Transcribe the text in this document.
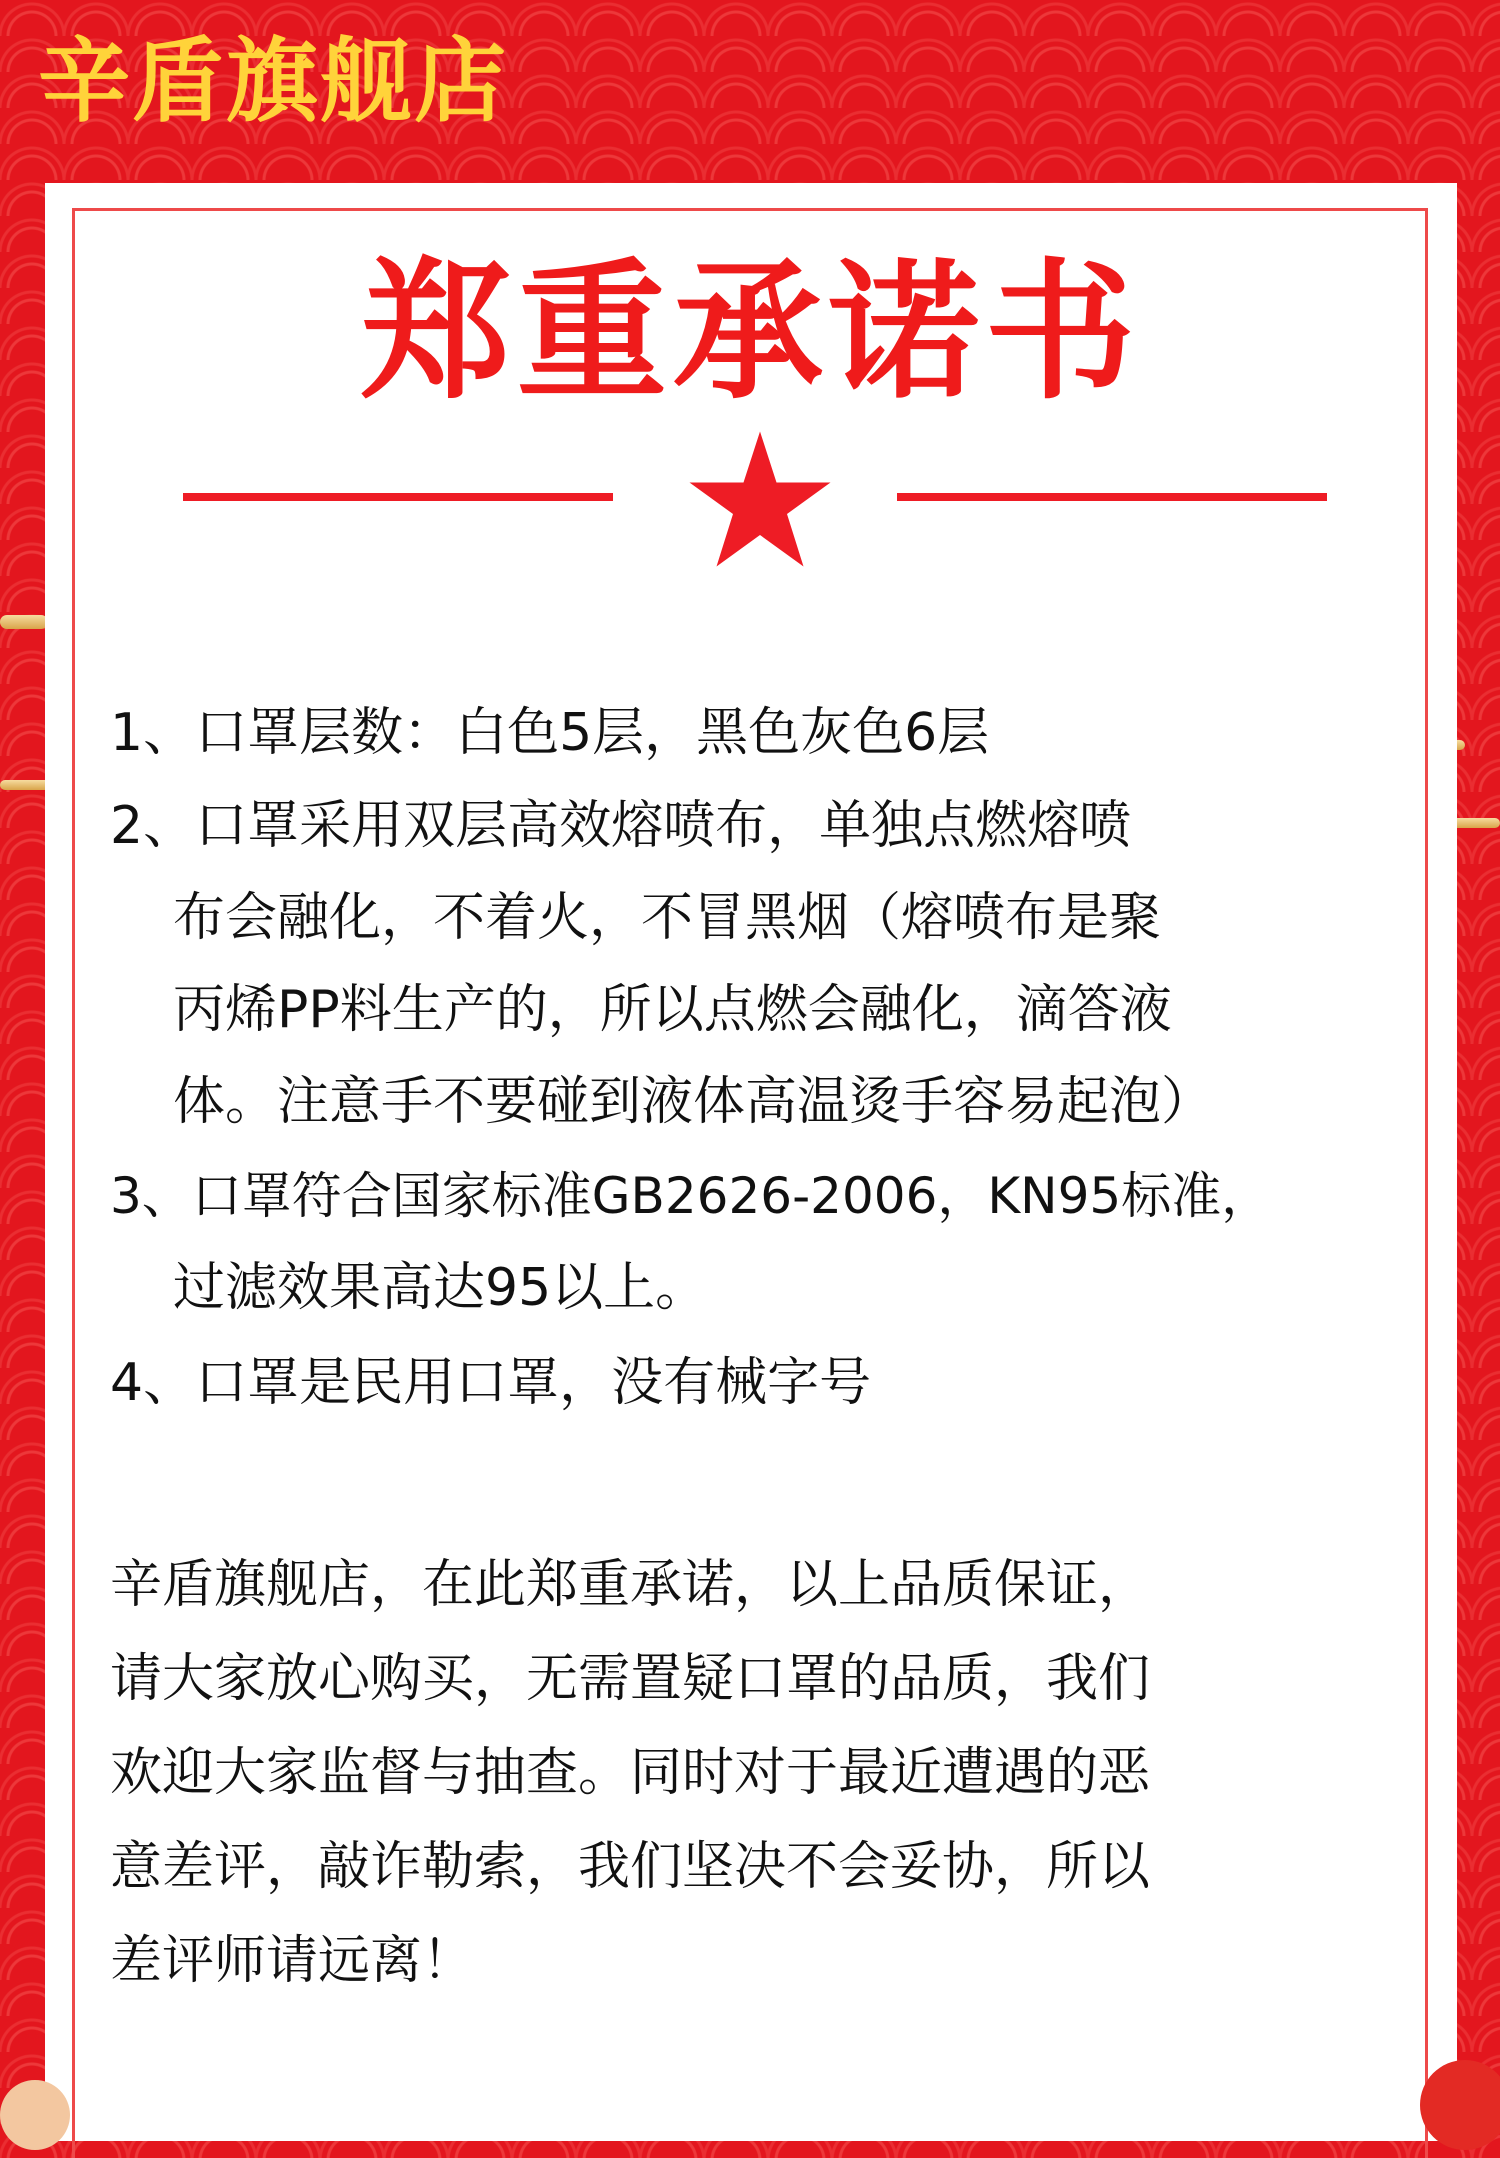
辛盾旗舰店
郑重承诺书
1、口罩层数：白色5层，黑色灰色6层
2、口罩采用双层高效熔喷布，单独点燃熔喷
布会融化，不着火，不冒黑烟（熔喷布是聚
丙烯PP料生产的，所以点燃会融化，滴答液
体。注意手不要碰到液体高温烫手容易起泡）
3、口罩符合国家标准GB2626-2006，KN95标准，
过滤效果高达95以上。
4、口罩是民用口罩，没有械字号
辛盾旗舰店，在此郑重承诺，以上品质保证，
请大家放心购买，无需置疑口罩的品质，我们
欢迎大家监督与抽查。同时对于最近遭遇的恶
意差评，敲诈勒索，我们坚决不会妥协，所以
差评师请远离！
